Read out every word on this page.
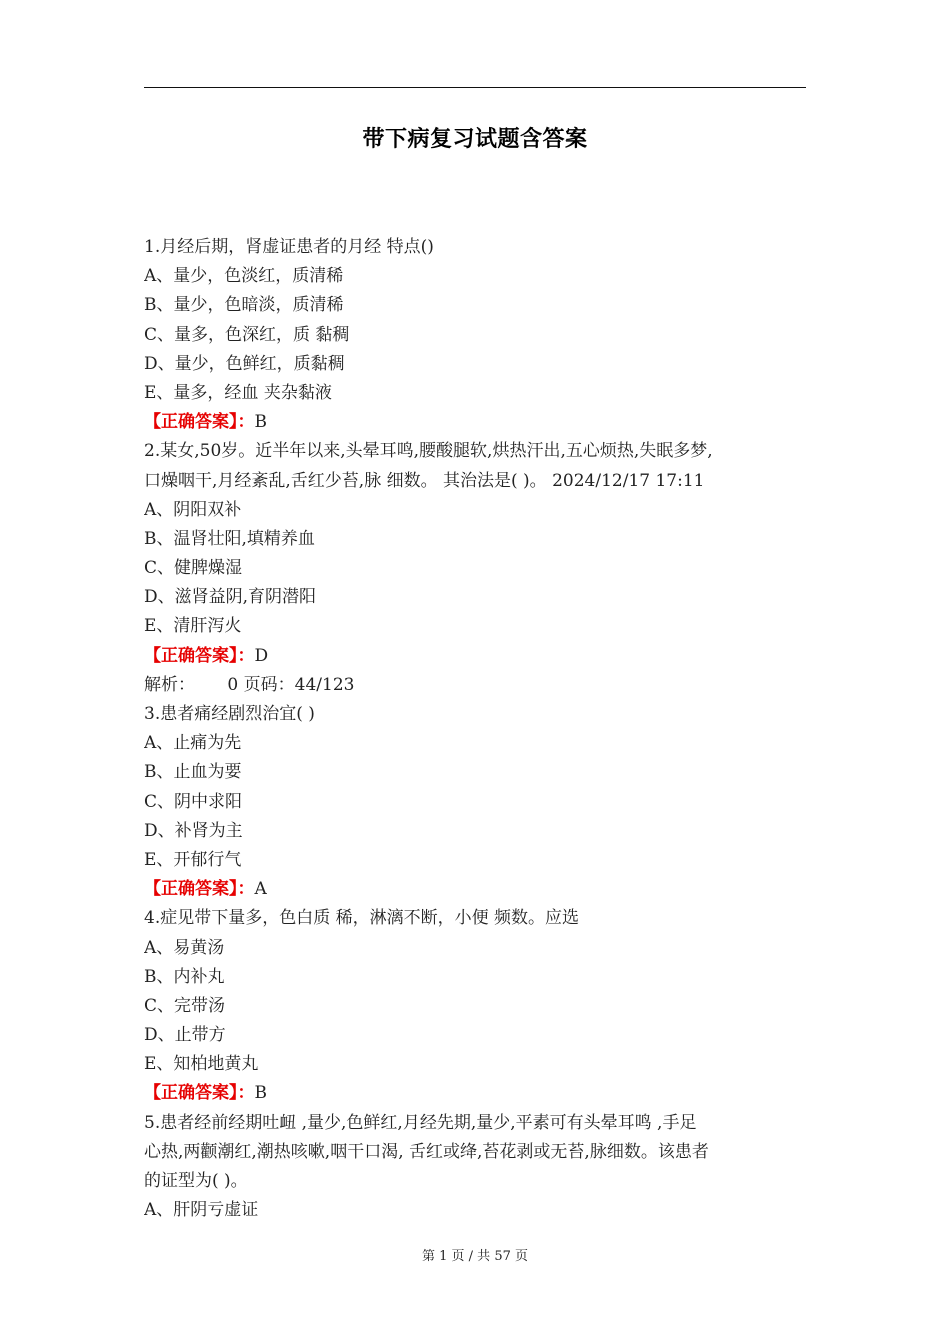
带下病复习试题含答案
1.月经后期，肾虚证患者的月经 特点()
A、量少，色淡红，质清稀
B、量少，色暗淡，质清稀
C、量多，色深红，质 黏稠
D、量少，色鲜红，质黏稠
E、量多，经血 夹杂黏液
【正确答案】：B
2.某女,50岁。近半年以来,头晕耳鸣,腰酸腿软,烘热汗出,五心烦热,失眠多梦,
口燥咽干,月经紊乱,舌红少苔,脉 细数。 其治法是( )。 2024/12/17 17:11
A、阴阳双补
B、温肾壮阳,填精养血
C、健脾燥湿
D、滋肾益阴,育阴潜阳
E、清肝泻火
【正确答案】：D
解析：      0 页码：44/123
3.患者痛经剧烈治宜( )
A、止痛为先
B、止血为要
C、阴中求阳
D、补肾为主
E、开郁行气
【正确答案】：A
4.症见带下量多，色白质 稀，淋漓不断，小便 频数。应选
A、易黄汤
B、内补丸
C、完带汤
D、止带方
E、知柏地黄丸
【正确答案】：B
5.患者经前经期吐衄 ,量少,色鲜红,月经先期,量少,平素可有头晕耳鸣 ,手足
心热,两颧潮红,潮热咳嗽,咽干口渴, 舌红或绛,苔花剥或无苔,脉细数。该患者
的证型为( )。
A、肝阴亏虚证
第 1 页 / 共 57 页
